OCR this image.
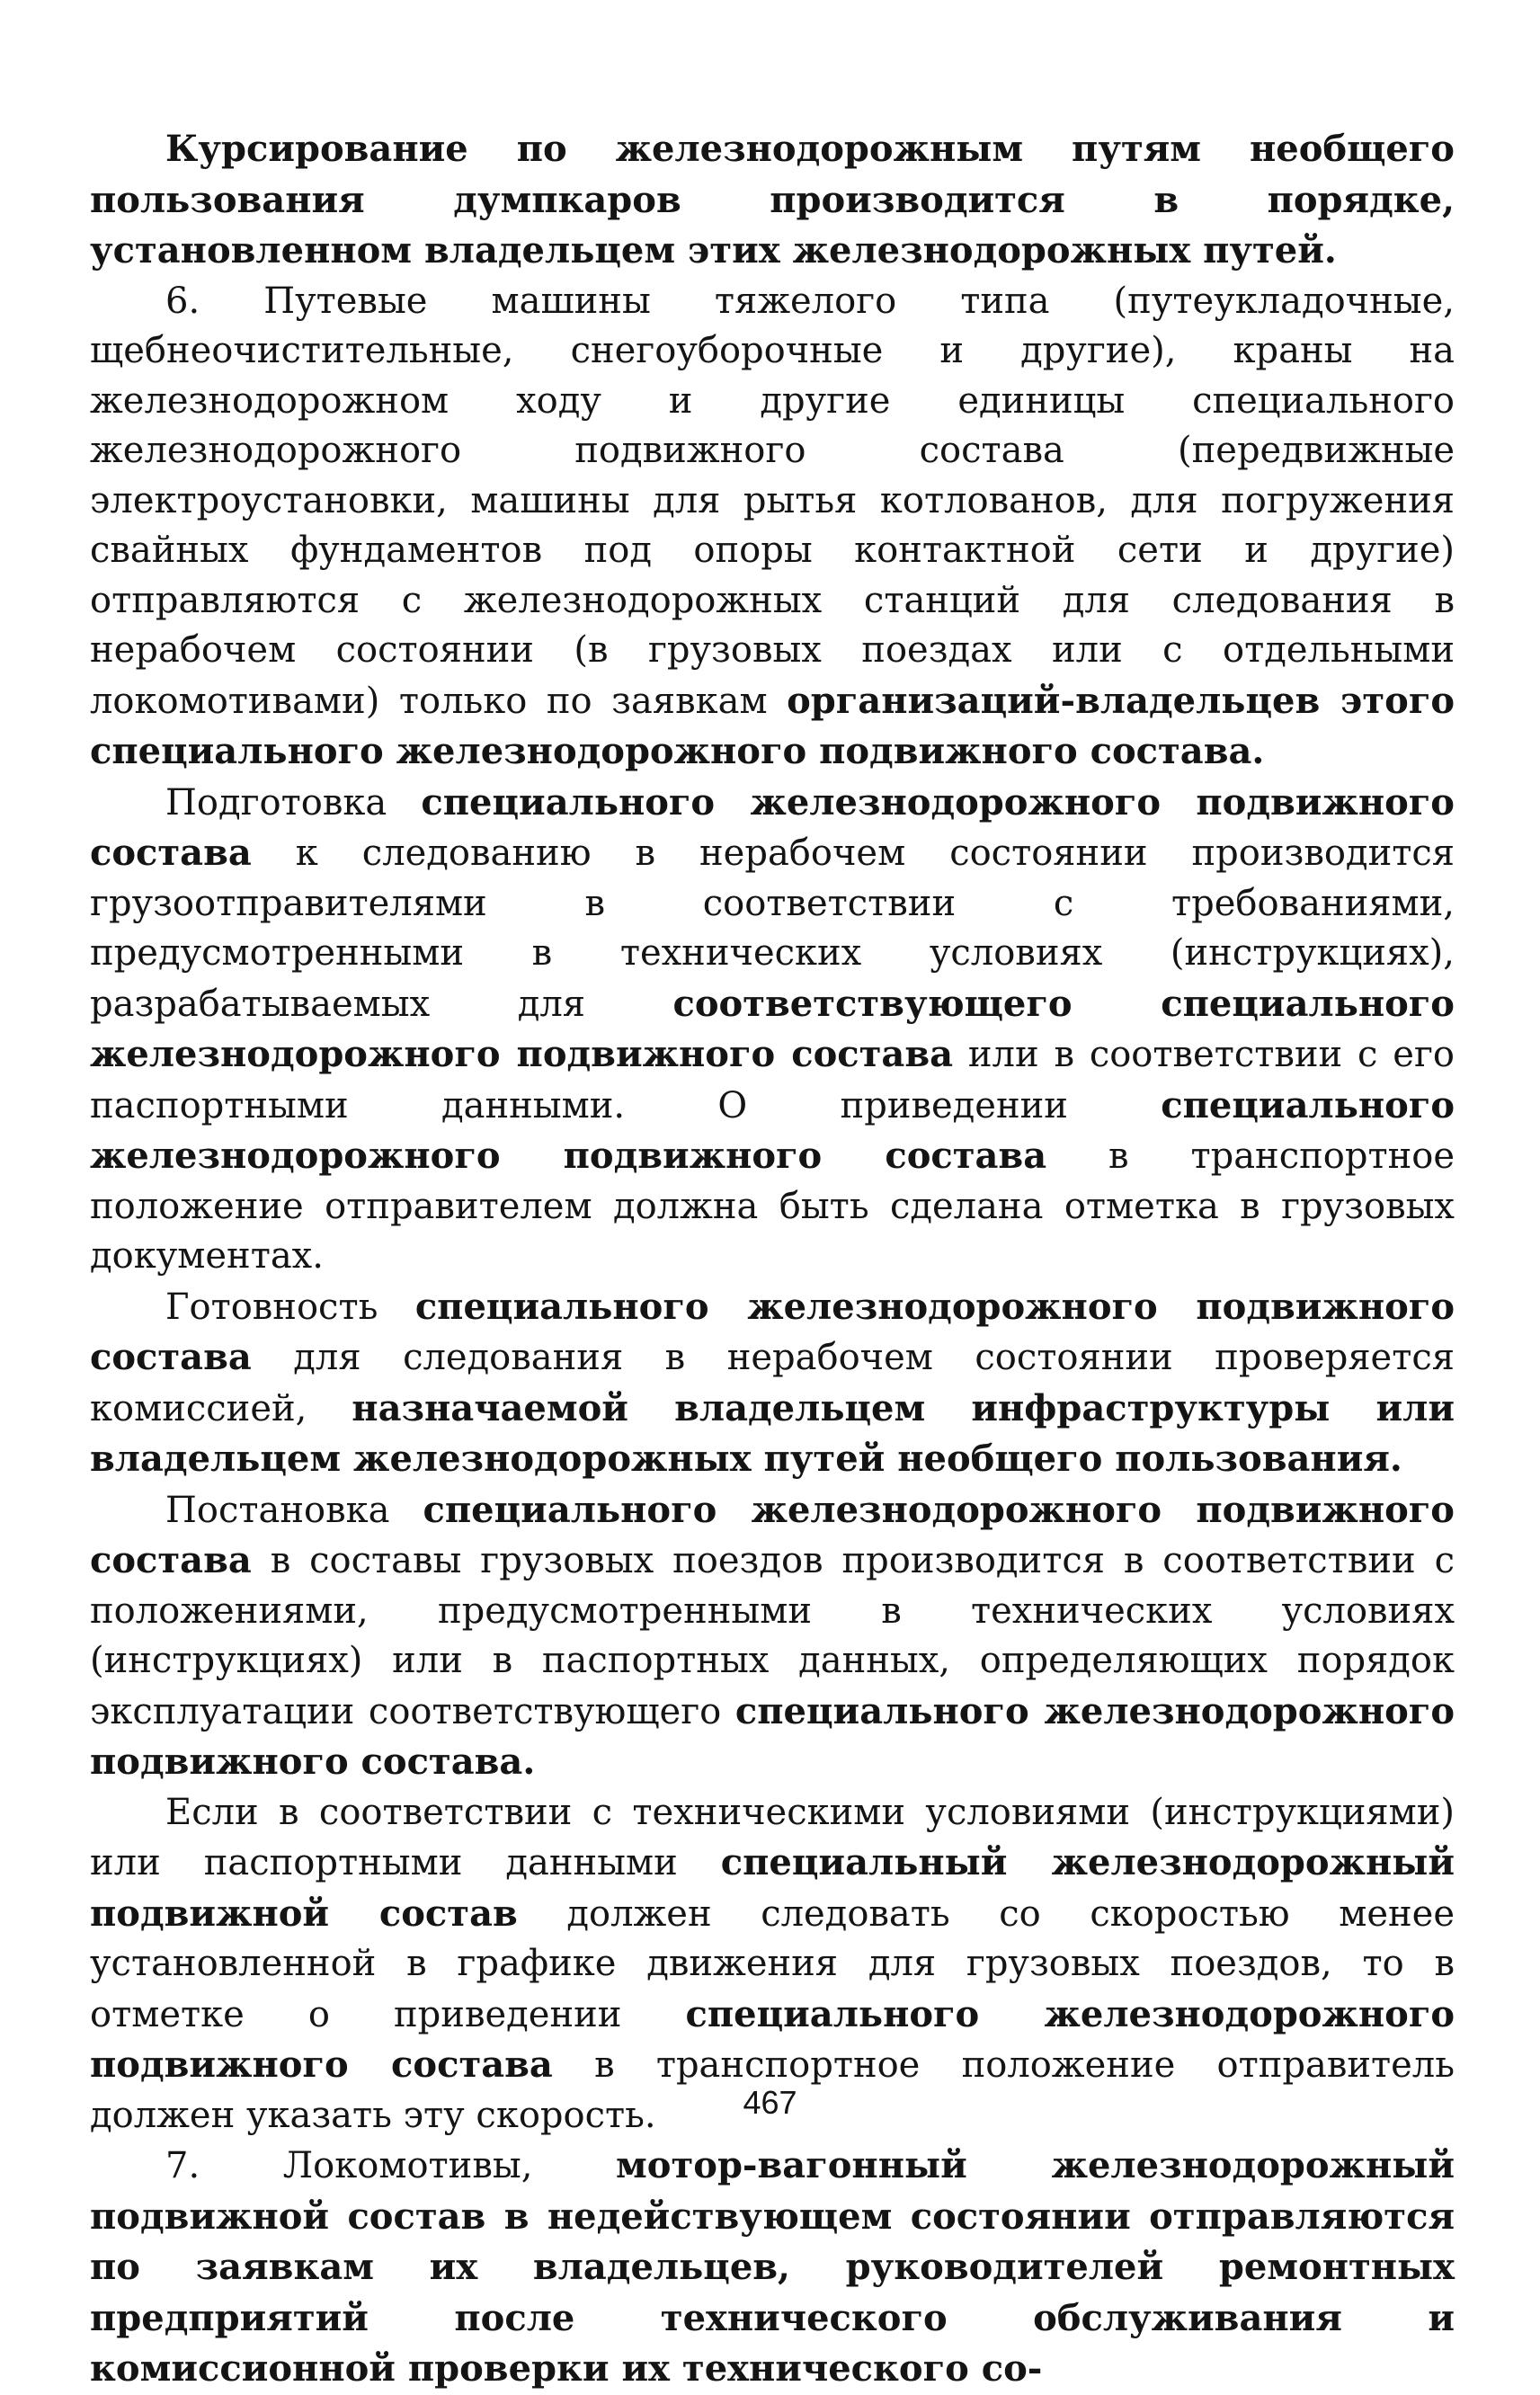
Курсирование по железнодорожным путям необщего пользования думпкаров производится в порядке, установленном владельцем этих железнодорожных путей.

6. Путевые машины тяжелого типа (путеукладочные, щебнеочистительные, снегоуборочные и другие), краны на железнодорожном ходу и другие единицы специального железнодорожного подвижного состава (передвижные электроустановки, машины для рытья котлованов, для погружения свайных фундаментов под опоры контактной сети и другие) отправляются с железнодорожных станций для следования в нерабочем состоянии (в грузовых поездах или с отдельными локомотивами) только по заявкам организаций-владельцев этого специального железнодорожного подвижного состава.

Подготовка специального железнодорожного подвижного состава к следованию в нерабочем состоянии производится грузоотправителями в соответствии с требованиями, предусмотренными в технических условиях (инструкциях), разрабатываемых для соответствующего специального железнодорожного подвижного состава или в соответствии с его паспортными данными. О приведении специального железнодорожного подвижного состава в транспортное положение отправителем должна быть сделана отметка в грузовых документах.

Готовность специального железнодорожного подвижного состава для следования в нерабочем состоянии проверяется комиссией, назначаемой владельцем инфраструктуры или владельцем железнодорожных путей необщего пользования.

Постановка специального железнодорожного подвижного состава в составы грузовых поездов производится в соответствии с положениями, предусмотренными в технических условиях (инструкциях) или в паспортных данных, определяющих порядок эксплуатации соответствующего специального железнодорожного подвижного состава.

Если в соответствии с техническими условиями (инструкциями) или паспортными данными специальный железнодорожный подвижной состав должен следовать со скоростью менее установленной в графике движения для грузовых поездов, то в отметке о приведении специального железнодорожного подвижного состава в транспортное положение отправитель должен указать эту скорость.

7. Локомотивы, мотор-вагонный железнодорожный подвижной состав в недействующем состоянии отправляются по заявкам их владельцев, руководителей ремонтных предприятий после технического обслуживания и комиссионной проверки их технического со-

467
